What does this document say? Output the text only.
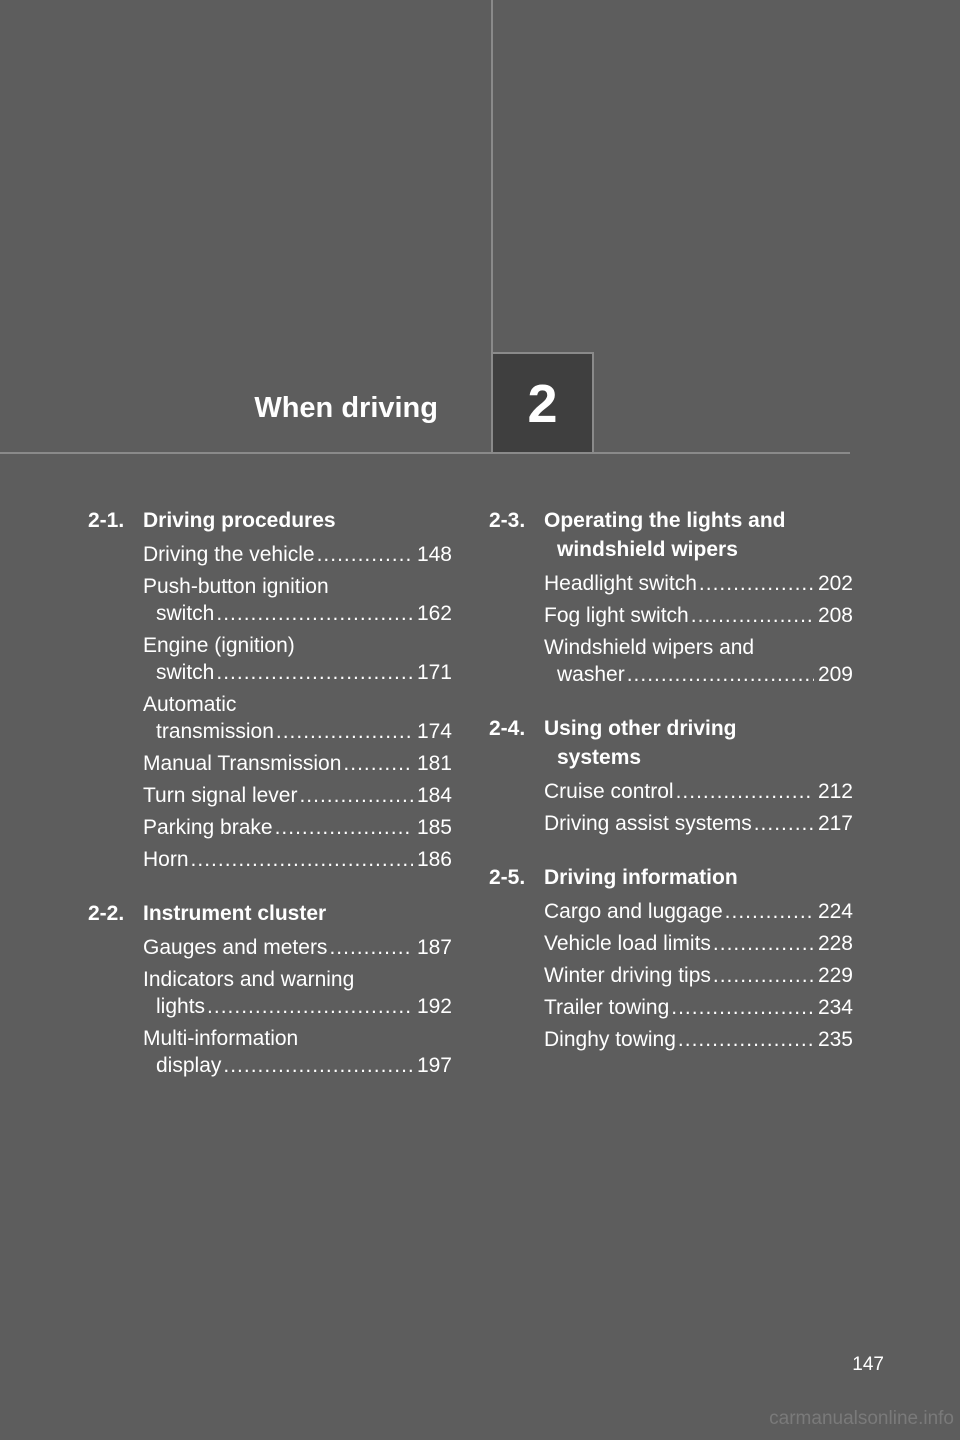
2
When driving
2-1. Driving procedures
Driving the vehicle .....	148
Push-button ignition
switch .....	162
Engine (ignition)
switch .....	171
Automatic
transmission .....	174
Manual Transmission .....	181
Turn signal lever .....	184
Parking brake .....	185
Horn .....	186
2-2. Instrument cluster
Gauges and meters .....	187
Indicators and warning
lights .....	192
Multi-information
display .....	197
2-3. Operating the lights and
windshield wipers
Headlight switch .....	202
Fog light switch .....	208
Windshield wipers and
washer .....	209
2-4. Using other driving
systems
Cruise control .....	212
Driving assist systems .....	217
2-5. Driving information
Cargo and luggage .....	224
Vehicle load limits .....	228
Winter driving tips .....	229
Trailer towing .....	234
Dinghy towing .....	235
147
carmanualsonline.info
